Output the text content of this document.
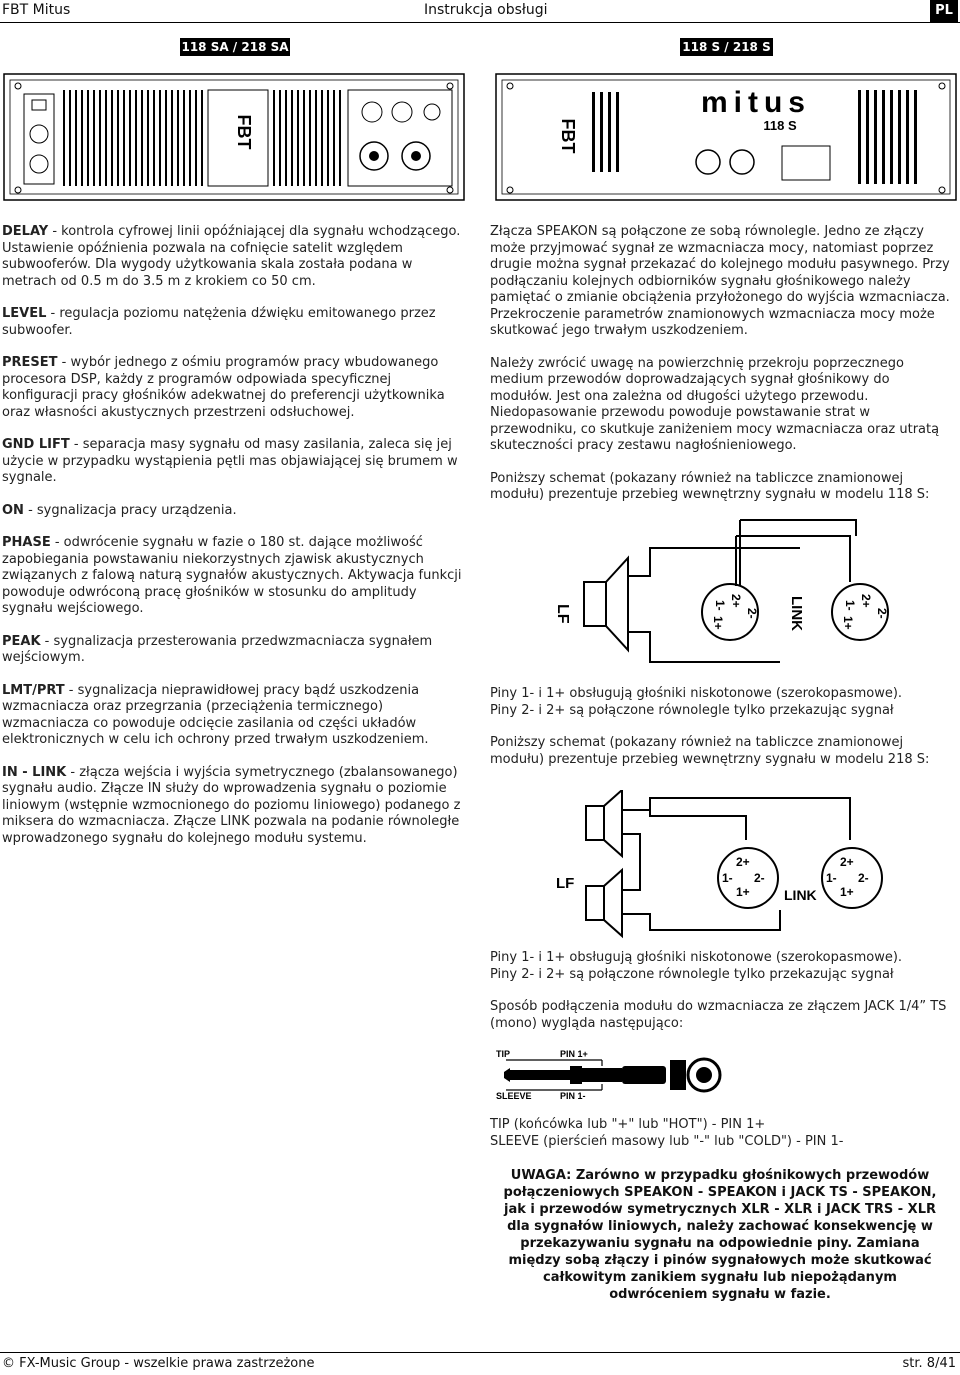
FBT Mitus	Instrukcja obsługi	PL
118 SA / 218 SA	118 S / 218 S
FBT	FBT
mitus
118 S

DELAY - kontrola cyfrowej linii opóźniającej dla sygnału wchodzącego. Ustawienie opóźnienia pozwala na cofnięcie satelit względem subwooferów. Dla wygody użytkowania skala została podana w metrach od 0.5 m do 3.5 m z krokiem co 50 cm.

LEVEL - regulacja poziomu natężenia dźwięku emitowanego przez subwoofer.

PRESET - wybór jednego z ośmiu programów pracy wbudowanego procesora DSP, każdy z programów odpowiada specyficznej konfiguracji pracy głośników adekwatnej do preferencji użytkownika oraz własności akustycznych przestrzeni odsłuchowej.

GND LIFT - separacja masy sygnału od masy zasilania, zaleca się jej użycie w przypadku wystąpienia pętli mas objawiającej się brumem w sygnale.

ON - sygnalizacja pracy urządzenia.

PHASE - odwrócenie sygnału w fazie o 180 st. dające możliwość zapobiegania powstawaniu niekorzystnych zjawisk akustycznych związanych z falową naturą sygnałów akustycznych. Aktywacja funkcji powoduje odwróconą pracę głośników w stosunku do amplitudy sygnału wejściowego.

PEAK - sygnalizacja przesterowania przedwzmacniacza sygnałem wejściowym.

LMT/PRT - sygnalizacja nieprawidłowej pracy bądź uszkodzenia wzmacniacza oraz przegrzania (przeciążenia termicznego) wzmacniacza co powoduje odcięcie zasilania od części układów elektronicznych w celu ich ochrony przed trwałym uszkodzeniem.

IN - LINK - złącza wejścia i wyjścia symetrycznego (zbalansowanego) sygnału audio. Złącze IN służy do wprowadzenia sygnału o poziomie liniowym (wstępnie wzmocnionego do poziomu liniowego) podanego z miksera do wzmacniacza. Złącze LINK pozwala na podanie równoległe wprowadzonego sygnału do kolejnego modułu systemu.

Złącza SPEAKON są połączone ze sobą równolegle. Jedno ze złączy może przyjmować sygnał ze wzmacniacza mocy, natomiast poprzez drugie można sygnał przekazać do kolejnego modułu pasywnego. Przy podłączaniu kolejnych odbiorników sygnału głośnikowego należy pamiętać o zmianie obciążenia przyłożonego do wyjścia wzmacniacza. Przekroczenie parametrów znamionowych wzmacniacza mocy może skutkować jego trwałym uszkodzeniem.

Należy zwrócić uwagę na powierzchnię przekroju poprzecznego medium przewodów doprowadzających sygnał głośnikowy do modułów. Jest ona zależna od długości użytego przewodu. Niedopasowanie przewodu powoduje powstawanie strat w przewodniku, co skutkuje zaniżeniem mocy wzmacniacza oraz utratą skuteczności pracy zestawu nagłośnieniowego.

Poniższy schemat (pokazany również na tabliczce znamionowej modułu) prezentuje przebieg wewnętrzny sygnału w modelu 118 S:

LF	LINK
2+
2-
1+
1-	2+
2-
1+
1-

Piny 1- i 1+ obsługują głośniki niskotonowe (szerokopasmowe).

Piny 2- i 2+ są połączone równolegle tylko przekazując sygnał

Poniższy schemat (pokazany również na tabliczce znamionowej modułu) prezentuje przebieg wewnętrzny sygnału w modelu 218 S:

LF
LINK
2+
1- 2-
1+
2+
1- 2-
1+

Piny 1- i 1+ obsługują głośniki niskotonowe (szerokopasmowe).

Piny 2- i 2+ są połączone równolegle tylko przekazując sygnał

Sposób podłączenia modułu do wzmacniacza ze złączem JACK 1/4” TS (mono) wygląda następująco:

TIP
SLEEVE
PIN 1+
PIN 1-

TIP (końcówka lub "+" lub "HOT") - PIN 1+

SLEEVE (pierścień masowy lub "-" lub "COLD") - PIN 1-

UWAGA: Zarówno w przypadku głośnikowych przewodów połączeniowych SPEAKON - SPEAKON i JACK TS - SPEAKON, jak i przewodów symetrycznych XLR - XLR i JACK TRS - XLR dla sygnałów liniowych, należy zachować konsekwencję w przekazywaniu sygnału na odpowiednie piny. Zamiana między sobą złączy i pinów sygnałowych może skutkować całkowitym zanikiem sygnału lub niepożądanym odwróceniem sygnału w fazie.
© FX-Music Group - wszelkie prawa zastrzeżone	str. 8/41
